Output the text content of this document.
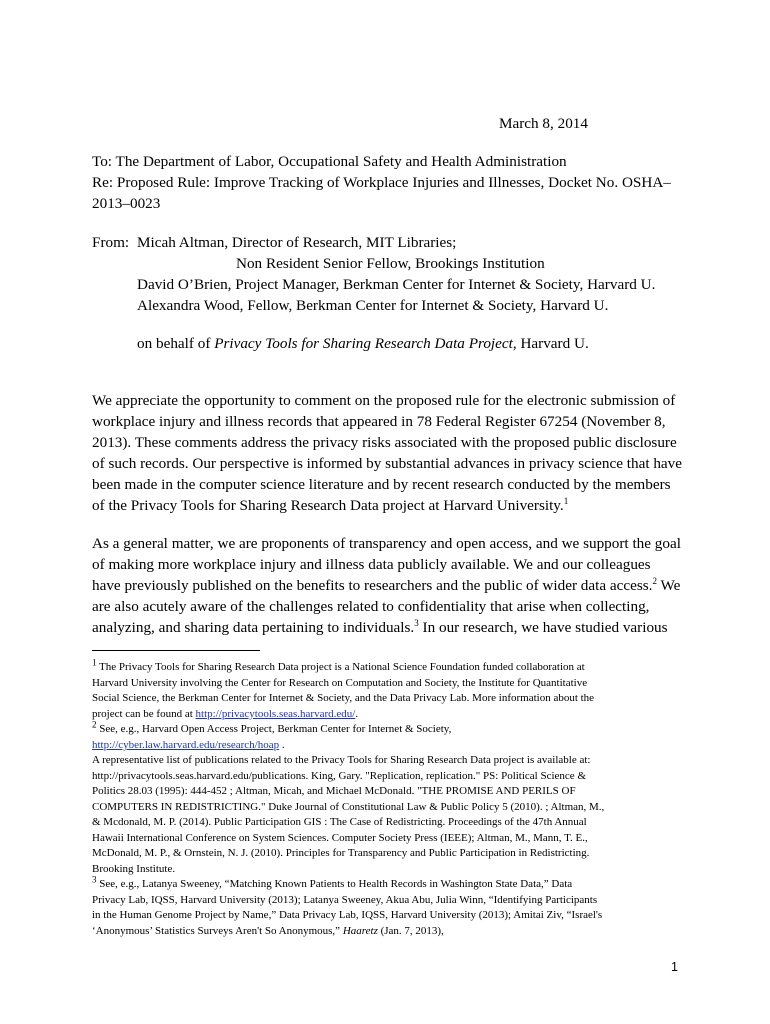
March 8, 2014
To: The Department of Labor, Occupational Safety and Health Administration
Re: Proposed Rule: Improve Tracking of Workplace Injuries and Illnesses, Docket No. OSHA–
2013–0023
From: Micah Altman, Director of Research, MIT Libraries;
Non Resident Senior Fellow, Brookings Institution
David O’Brien, Project Manager, Berkman Center for Internet & Society, Harvard U.
Alexandra Wood, Fellow, Berkman Center for Internet & Society, Harvard U.
on behalf of Privacy Tools for Sharing Research Data Project, Harvard U.
We appreciate the opportunity to comment on the proposed rule for the electronic submission of
workplace injury and illness records that appeared in 78 Federal Register 67254 (November 8,
2013). These comments address the privacy risks associated with the proposed public disclosure
of such records. Our perspective is informed by substantial advances in privacy science that have
been made in the computer science literature and by recent research conducted by the members
of the Privacy Tools for Sharing Research Data project at Harvard University.$^1$
As a general matter, we are proponents of transparency and open access, and we support the goal
of making more workplace injury and illness data publicly available. We and our colleagues
have previously published on the benefits to researchers and the public of wider data access.$^2$ We
are also acutely aware of the challenges related to confidentiality that arise when collecting,
analyzing, and sharing data pertaining to individuals.$^3$ In our research, we have studied various
$^1$ The Privacy Tools for Sharing Research Data project is a National Science Foundation funded collaboration at
Harvard University involving the Center for Research on Computation and Society, the Institute for Quantitative
Social Science, the Berkman Center for Internet & Society, and the Data Privacy Lab. More information about the
project can be found at http://privacytools.seas.harvard.edu/.
$^2$ See, e.g., Harvard Open Access Project, Berkman Center for Internet & Society,
http://cyber.law.harvard.edu/research/hoap .
A representative list of publications related to the Privacy Tools for Sharing Research Data project is available at:
http://privacytools.seas.harvard.edu/publications. King, Gary. "Replication, replication." PS: Political Science &
Politics 28.03 (1995): 444-452 ; Altman, Micah, and Michael McDonald. "THE PROMISE AND PERILS OF
COMPUTERS IN REDISTRICTING." Duke Journal of Constitutional Law & Public Policy 5 (2010). ; Altman, M.,
& Mcdonald, M. P. (2014). Public Participation GIS : The Case of Redistricting. Proceedings of the 47th Annual
Hawaii International Conference on System Sciences. Computer Society Press (IEEE); Altman, M., Mann, T. E.,
McDonald, M. P., & Ornstein, N. J. (2010). Principles for Transparency and Public Participation in Redistricting.
Brooking Institute.
$^3$ See, e.g., Latanya Sweeney, “Matching Known Patients to Health Records in Washington State Data,” Data
Privacy Lab, IQSS, Harvard University (2013); Latanya Sweeney, Akua Abu, Julia Winn, “Identifying Participants
in the Human Genome Project by Name,” Data Privacy Lab, IQSS, Harvard University (2013); Amitai Ziv, “Israel's
‘Anonymous’ Statistics Surveys Aren't So Anonymous,” Haaretz (Jan. 7, 2013),
1
